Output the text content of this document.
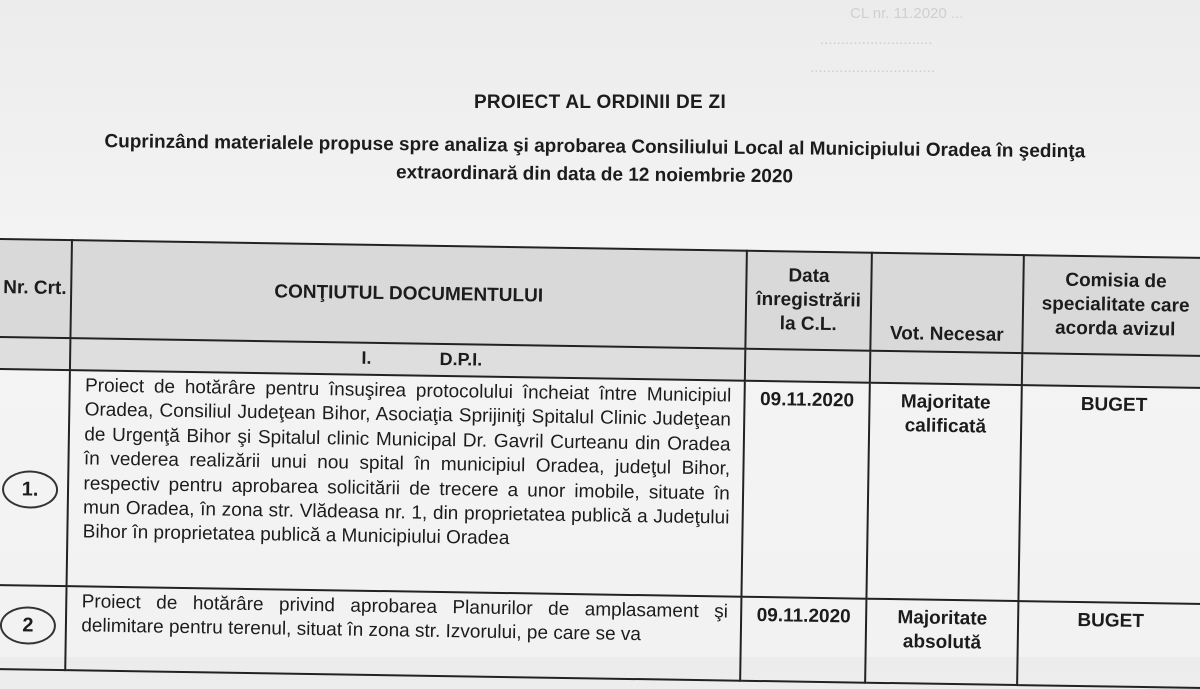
CL nr. 11.2020 ...
...........................
..............................
PROIECT AL ORDINII DE ZI
Cuprinzând materialele propuse spre analiza şi aprobarea Consiliului Local al Municipiului Oradea în şedinţa extraordinară din data de 12 noiembrie 2020
Nr. Crt.	CONŢIUTUL DOCUMENTULUI	Data înregistrării la C.L.	Vot. Necesar	Comisia de specialitate care acorda avizul
	I. D.P.I.			

1.	Proiect de hotărâre pentru însuşirea protocolului încheiat între Municipiul Oradea, Consiliul Judeţean Bihor, Asociaţia Sprijiniţi Spitalul Clinic Judeţean de Urgenţă Bihor şi Spitalul clinic Municipal Dr. Gavril Curteanu din Oradea în vederea realizării unui nou spital în municipiul Oradea, judeţul Bihor, respectiv pentru aprobarea solicitării de trecere a unor imobile, situate în mun Oradea, în zona str. Vlădeasa nr. 1, din proprietatea publică a Judeţului Bihor în proprietatea publică a Municipiului Oradea	09.11.2020	Majoritate calificată	BUGET

2	Proiect de hotărâre privind aprobarea Planurilor de amplasament şi delimitare pentru terenul, situat în zona str. Izvorului, pe care se va	09.11.2020	Majoritate absolută	BUGET
